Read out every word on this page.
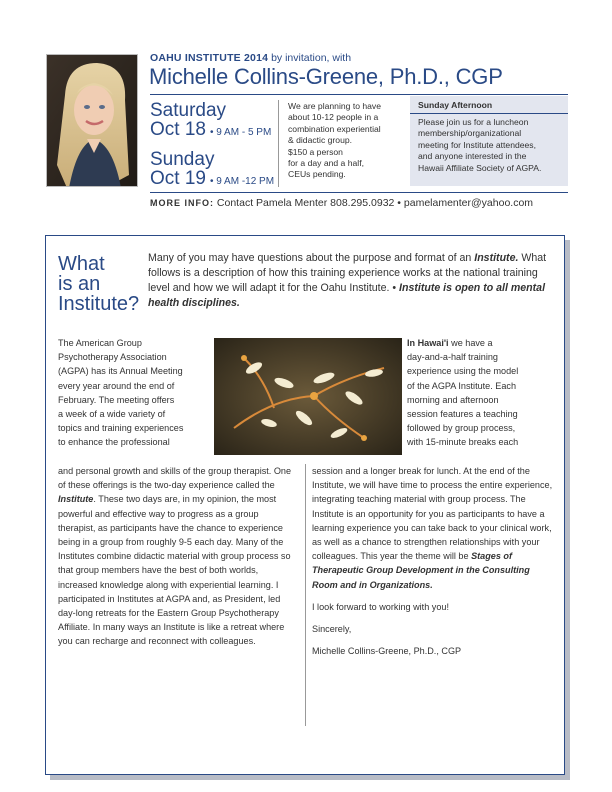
OAHU INSTITUTE 2014 by invitation, with
Michelle Collins-Greene, Ph.D., CGP
Saturday
Oct 18 • 9 AM - 5 PM
Sunday
Oct 19 • 9 AM -12 PM
We are planning to have
about 10-12 people in a
combination experiential
& didactic group.
$150 a person
for a day and a half,
CEUs pending.
Sunday Afternoon
Please join us for a luncheon
membership/organizational
meeting for Institute attendees,
and anyone interested in the
Hawaii Affiliate Society of AGPA.
MORE INFO: Contact Pamela Menter 808.295.0932 • pamelamenter@yahoo.com
What
is an
Institute?
Many of you may have questions about the purpose and format of an Institute. What follows is a description of how this training experience works at the national training level and how we will adapt it for the Oahu Institute. • Institute is open to all mental health disciplines.
The American Group
Psychotherapy Association
(AGPA) has its Annual Meeting
every year around the end of
February. The meeting offers
a week of a wide variety of
topics and training experiences
to enhance the professional
and personal growth and skills of the group therapist. One of these offerings is the two-day experience called the Institute. These two days are, in my opinion, the most powerful and effective way to progress as a group therapist, as participants have the chance to experience being in a group from roughly 9-5 each day. Many of the Institutes combine didactic material with group process so that group members have the best of both worlds, increased knowledge along with experiential learning. I participated in Institutes at AGPA and, as President, led day-long retreats for the Eastern Group Psychotherapy Affiliate. In many ways an Institute is like a retreat where you can recharge and reconnect with colleagues.
In Hawai'i we have a
day-and-a-half training
experience using the model
of the AGPA Institute. Each
morning and afternoon
session features a teaching
followed by group process,
with 15-minute breaks each
session and a longer break for lunch. At the end of the Institute, we will have time to process the entire experience, integrating teaching material with group process. The Institute is an opportunity for you as participants to have a learning experience you can take back to your clinical work, as well as a chance to strengthen relationships with your colleagues. This year the theme will be Stages of Therapeutic Group Development in the Consulting Room and in Organizations.
I look forward to working with you!
Sincerely,
Michelle Collins-Greene, Ph.D., CGP
